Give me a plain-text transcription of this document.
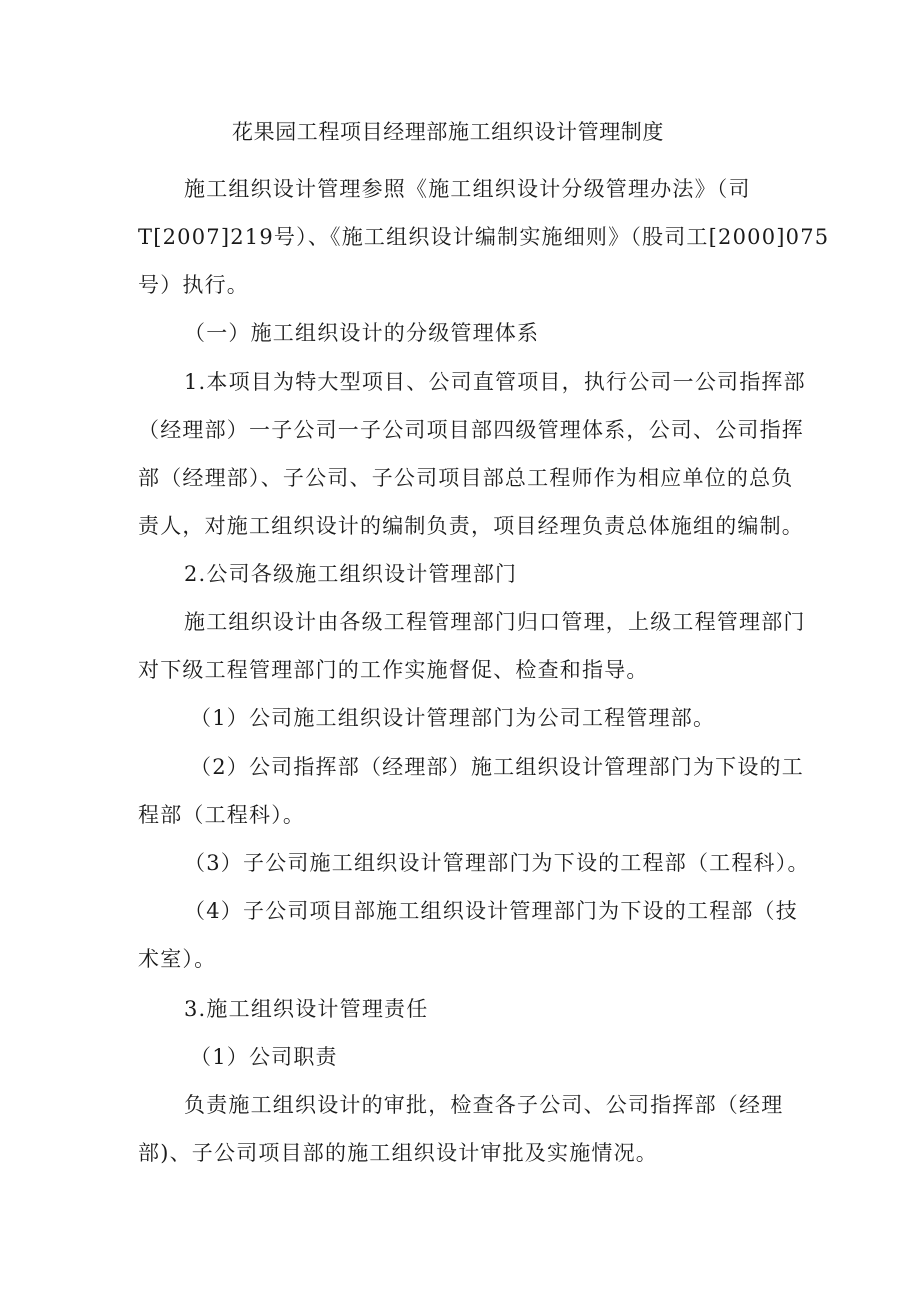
花果园工程项目经理部施工组织设计管理制度
施工组织设计管理参照《施工组织设计分级管理办法》（司
T[2007]219号）、《施工组织设计编制实施细则》（股司工[2000]075
号）执行。
（一）施工组织设计的分级管理体系
1.本项目为特大型项目、公司直管项目，执行公司一公司指挥部
（经理部）一子公司一子公司项目部四级管理体系，公司、公司指挥
部（经理部）、子公司、子公司项目部总工程师作为相应单位的总负
责人，对施工组织设计的编制负责，项目经理负责总体施组的编制。
2.公司各级施工组织设计管理部门
施工组织设计由各级工程管理部门归口管理，上级工程管理部门
对下级工程管理部门的工作实施督促、检查和指导。
（1）公司施工组织设计管理部门为公司工程管理部。
（2）公司指挥部（经理部）施工组织设计管理部门为下设的工
程部（工程科）。
（3）子公司施工组织设计管理部门为下设的工程部（工程科）。
（4）子公司项目部施工组织设计管理部门为下设的工程部（技
术室）。
3.施工组织设计管理责任
（1）公司职责
负责施工组织设计的审批，检查各子公司、公司指挥部（经理
部)、子公司项目部的施工组织设计审批及实施情况。
